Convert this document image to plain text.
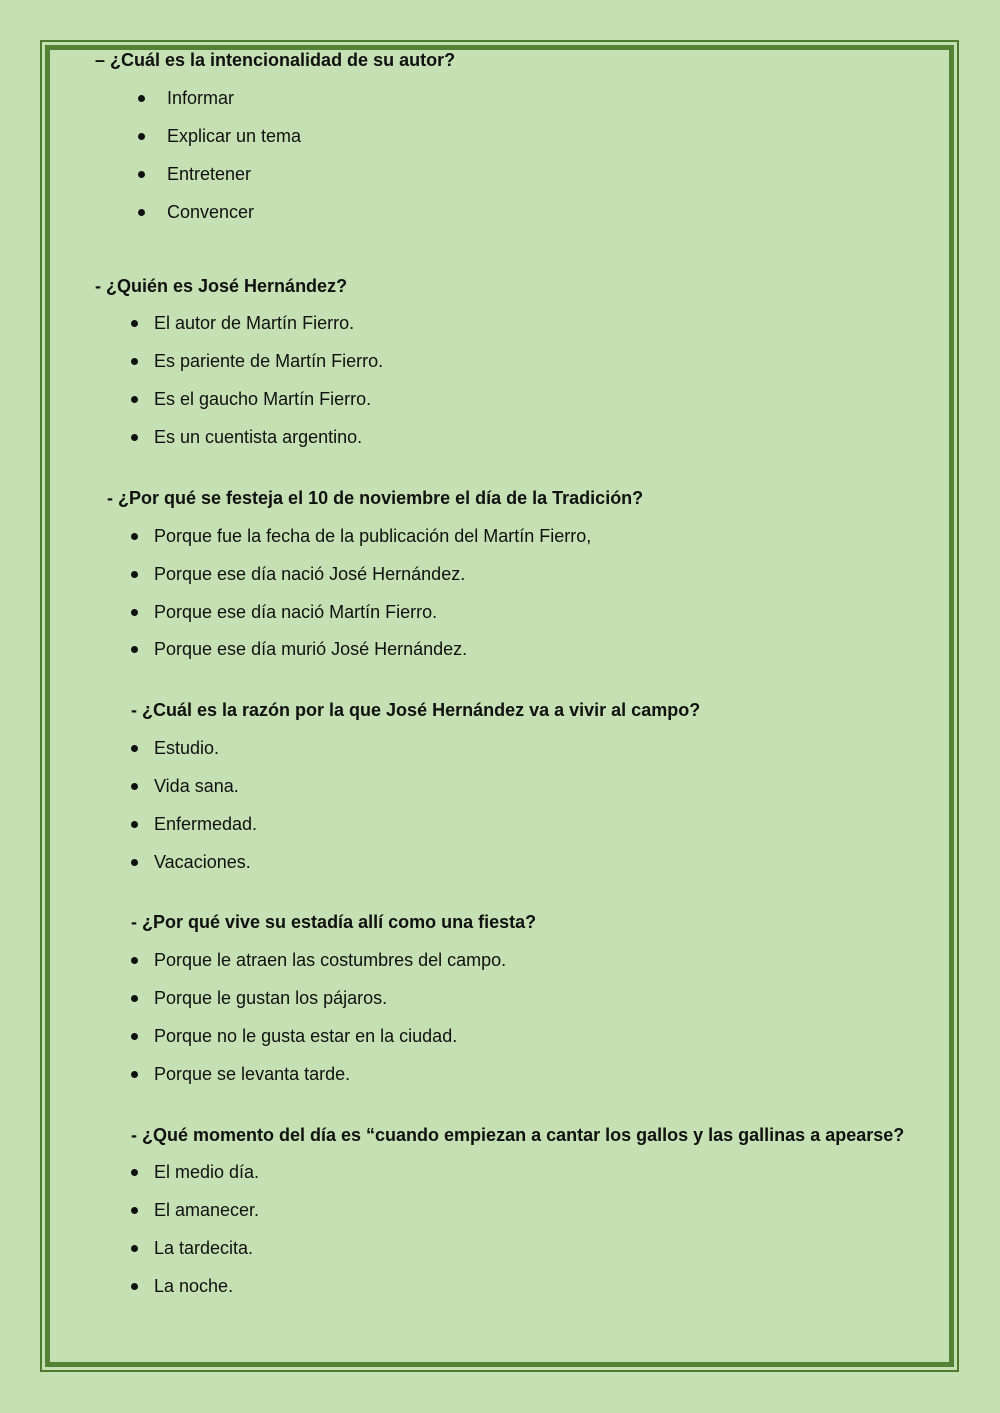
– ¿Cuál es la intencionalidad de su autor?
Informar
Explicar un tema
Entretener
Convencer
- ¿Quién es José Hernández?
El autor de Martín Fierro.
Es pariente de Martín Fierro.
Es el gaucho Martín Fierro.
Es un cuentista argentino.
- ¿Por qué se festeja el 10 de noviembre el día de la Tradición?
Porque fue la fecha de la publicación del Martín Fierro,
Porque ese día nació José Hernández.
Porque ese día nació Martín Fierro.
Porque ese día murió José Hernández.
- ¿Cuál es la razón por la que José Hernández va a vivir al campo?
Estudio.
Vida sana.
Enfermedad.
Vacaciones.
- ¿Por qué vive su estadía allí como una fiesta?
Porque le atraen las costumbres del campo.
Porque le gustan los pájaros.
Porque no le gusta estar en la ciudad.
Porque se levanta tarde.
- ¿Qué momento del día es “cuando empiezan a cantar los gallos y las gallinas a apearse?
El medio día.
El amanecer.
La tardecita.
La noche.
